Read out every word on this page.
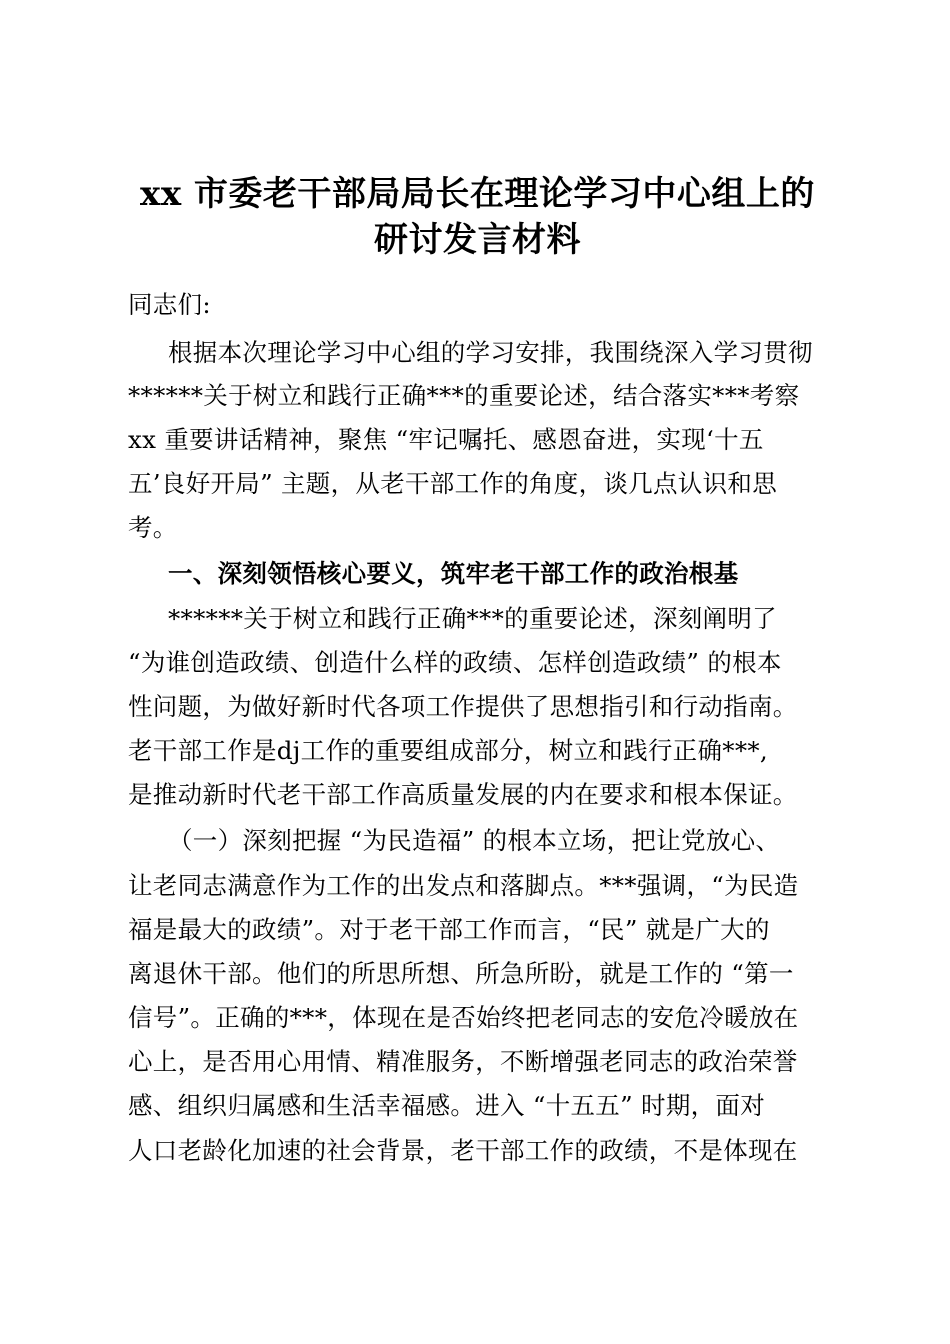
xx 市委老干部局局长在理论学习中心组上的
研讨发言材料
同志们:
根据本次理论学习中心组的学习安排，我围绕深入学习贯彻
******关于树立和践行正确***的重要论述，结合落实***考察
xx 重要讲话精神，聚焦 “牢记嘱托、感恩奋进，实现‘十五
五’良好开局” 主题，从老干部工作的角度，谈几点认识和思
考。
一、深刻领悟核心要义，筑牢老干部工作的政治根基
******关于树立和践行正确***的重要论述，深刻阐明了
“为谁创造政绩、创造什么样的政绩、怎样创造政绩” 的根本
性问题，为做好新时代各项工作提供了思想指引和行动指南。
老干部工作是dj工作的重要组成部分，树立和践行正确***,
是推动新时代老干部工作高质量发展的内在要求和根本保证。
（一）深刻把握 “为民造福” 的根本立场，把让党放心、
让老同志满意作为工作的出发点和落脚点。***强调，“为民造
福是最大的政绩”。对于老干部工作而言，“民” 就是广大的
离退休干部。他们的所思所想、所急所盼，就是工作的 “第一
信号”。正确的***，体现在是否始终把老同志的安危冷暖放在
心上，是否用心用情、精准服务，不断增强老同志的政治荣誉
感、组织归属感和生活幸福感。进入 “十五五” 时期，面对
人口老龄化加速的社会背景，老干部工作的政绩，不是体现在
